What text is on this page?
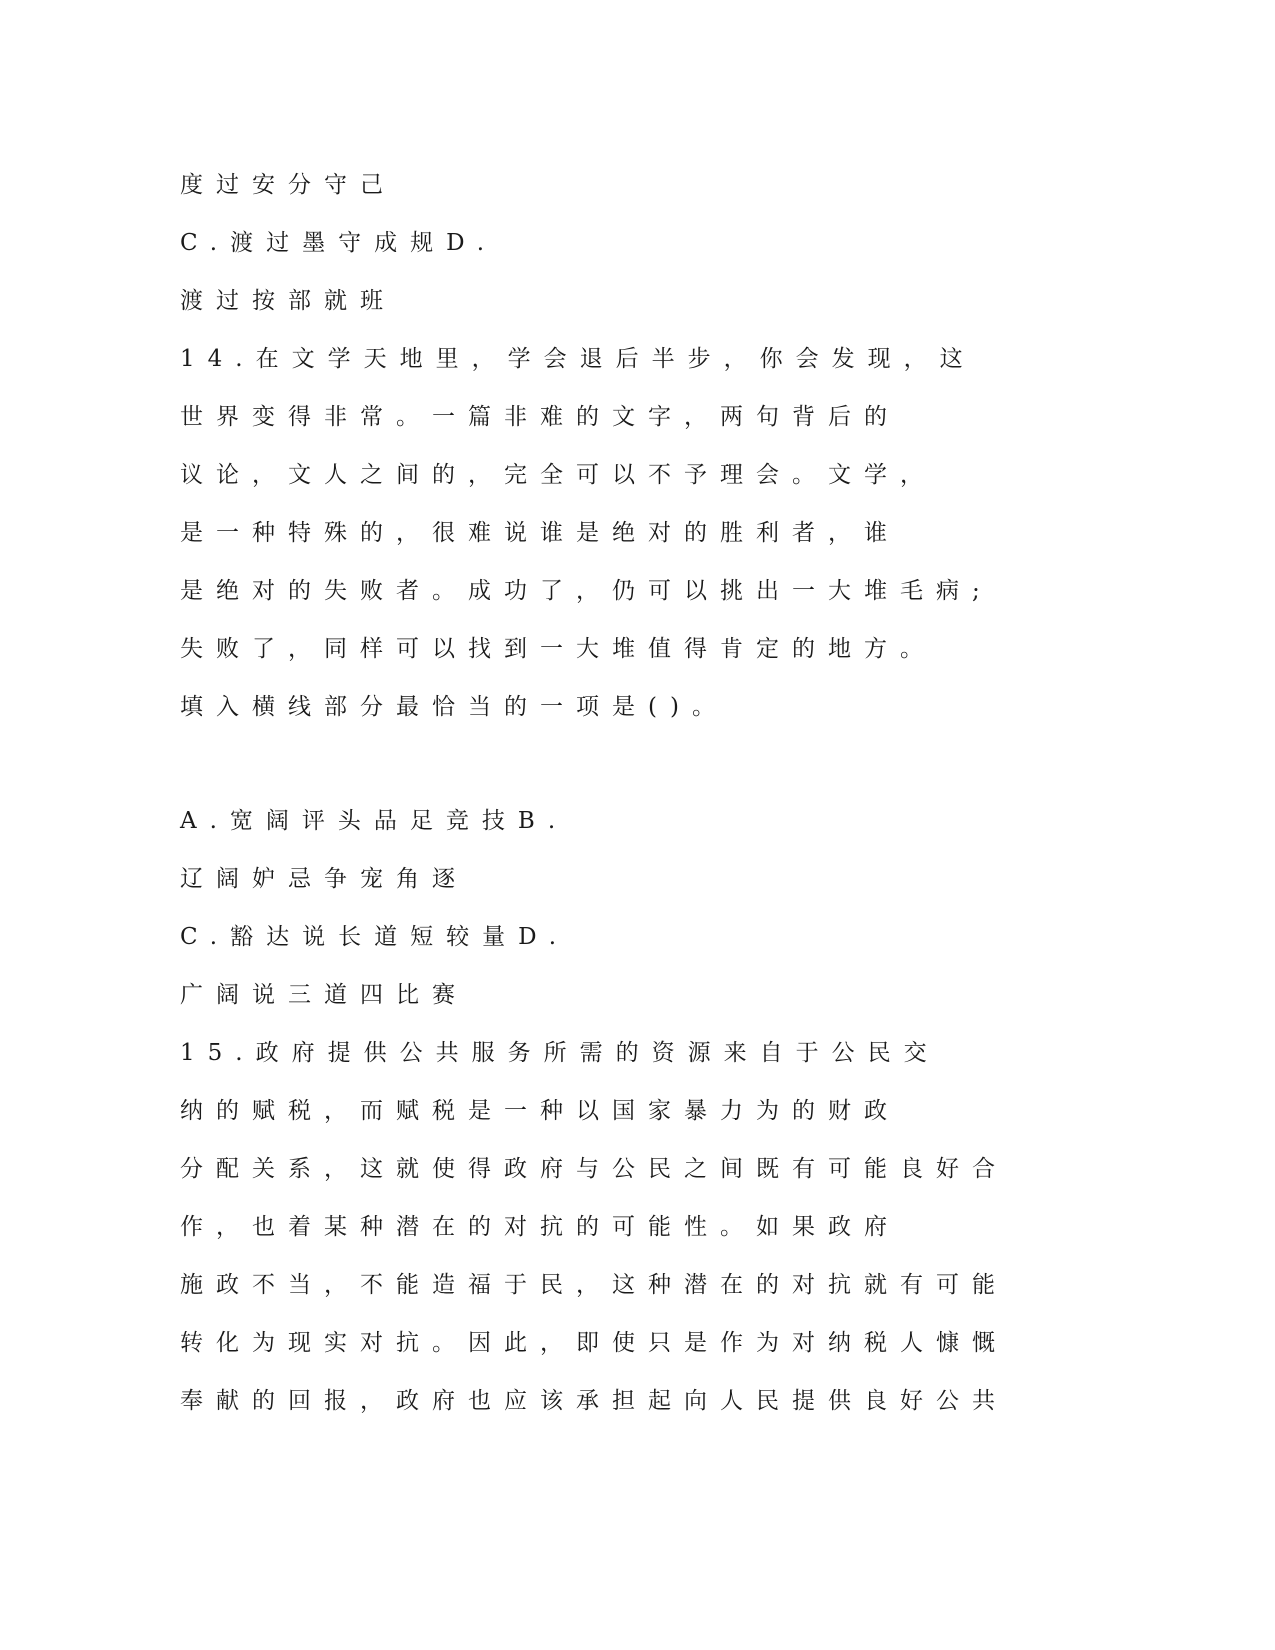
度过安分守己

C.渡过墨守成规D.

渡过按部就班

14.在文学天地里，学会退后半步，你会发现，这

世界变得非常。一篇非难的文字，两句背后的

议论，文人之间的，完全可以不予理会。文学，

是一种特殊的，很难说谁是绝对的胜利者，谁

是绝对的失败者。成功了，仍可以挑出一大堆毛病;

失败了，同样可以找到一大堆值得肯定的地方。

填入横线部分最恰当的一项是()。

A.宽阔评头品足竞技B.

辽阔妒忌争宠角逐

C.豁达说长道短较量D.

广阔说三道四比赛

15.政府提供公共服务所需的资源来自于公民交

纳的赋税，而赋税是一种以国家暴力为的财政

分配关系，这就使得政府与公民之间既有可能良好合

作，也着某种潜在的对抗的可能性。如果政府

施政不当，不能造福于民，这种潜在的对抗就有可能

转化为现实对抗。因此，即使只是作为对纳税人慷慨

奉献的回报，政府也应该承担起向人民提供良好公共
